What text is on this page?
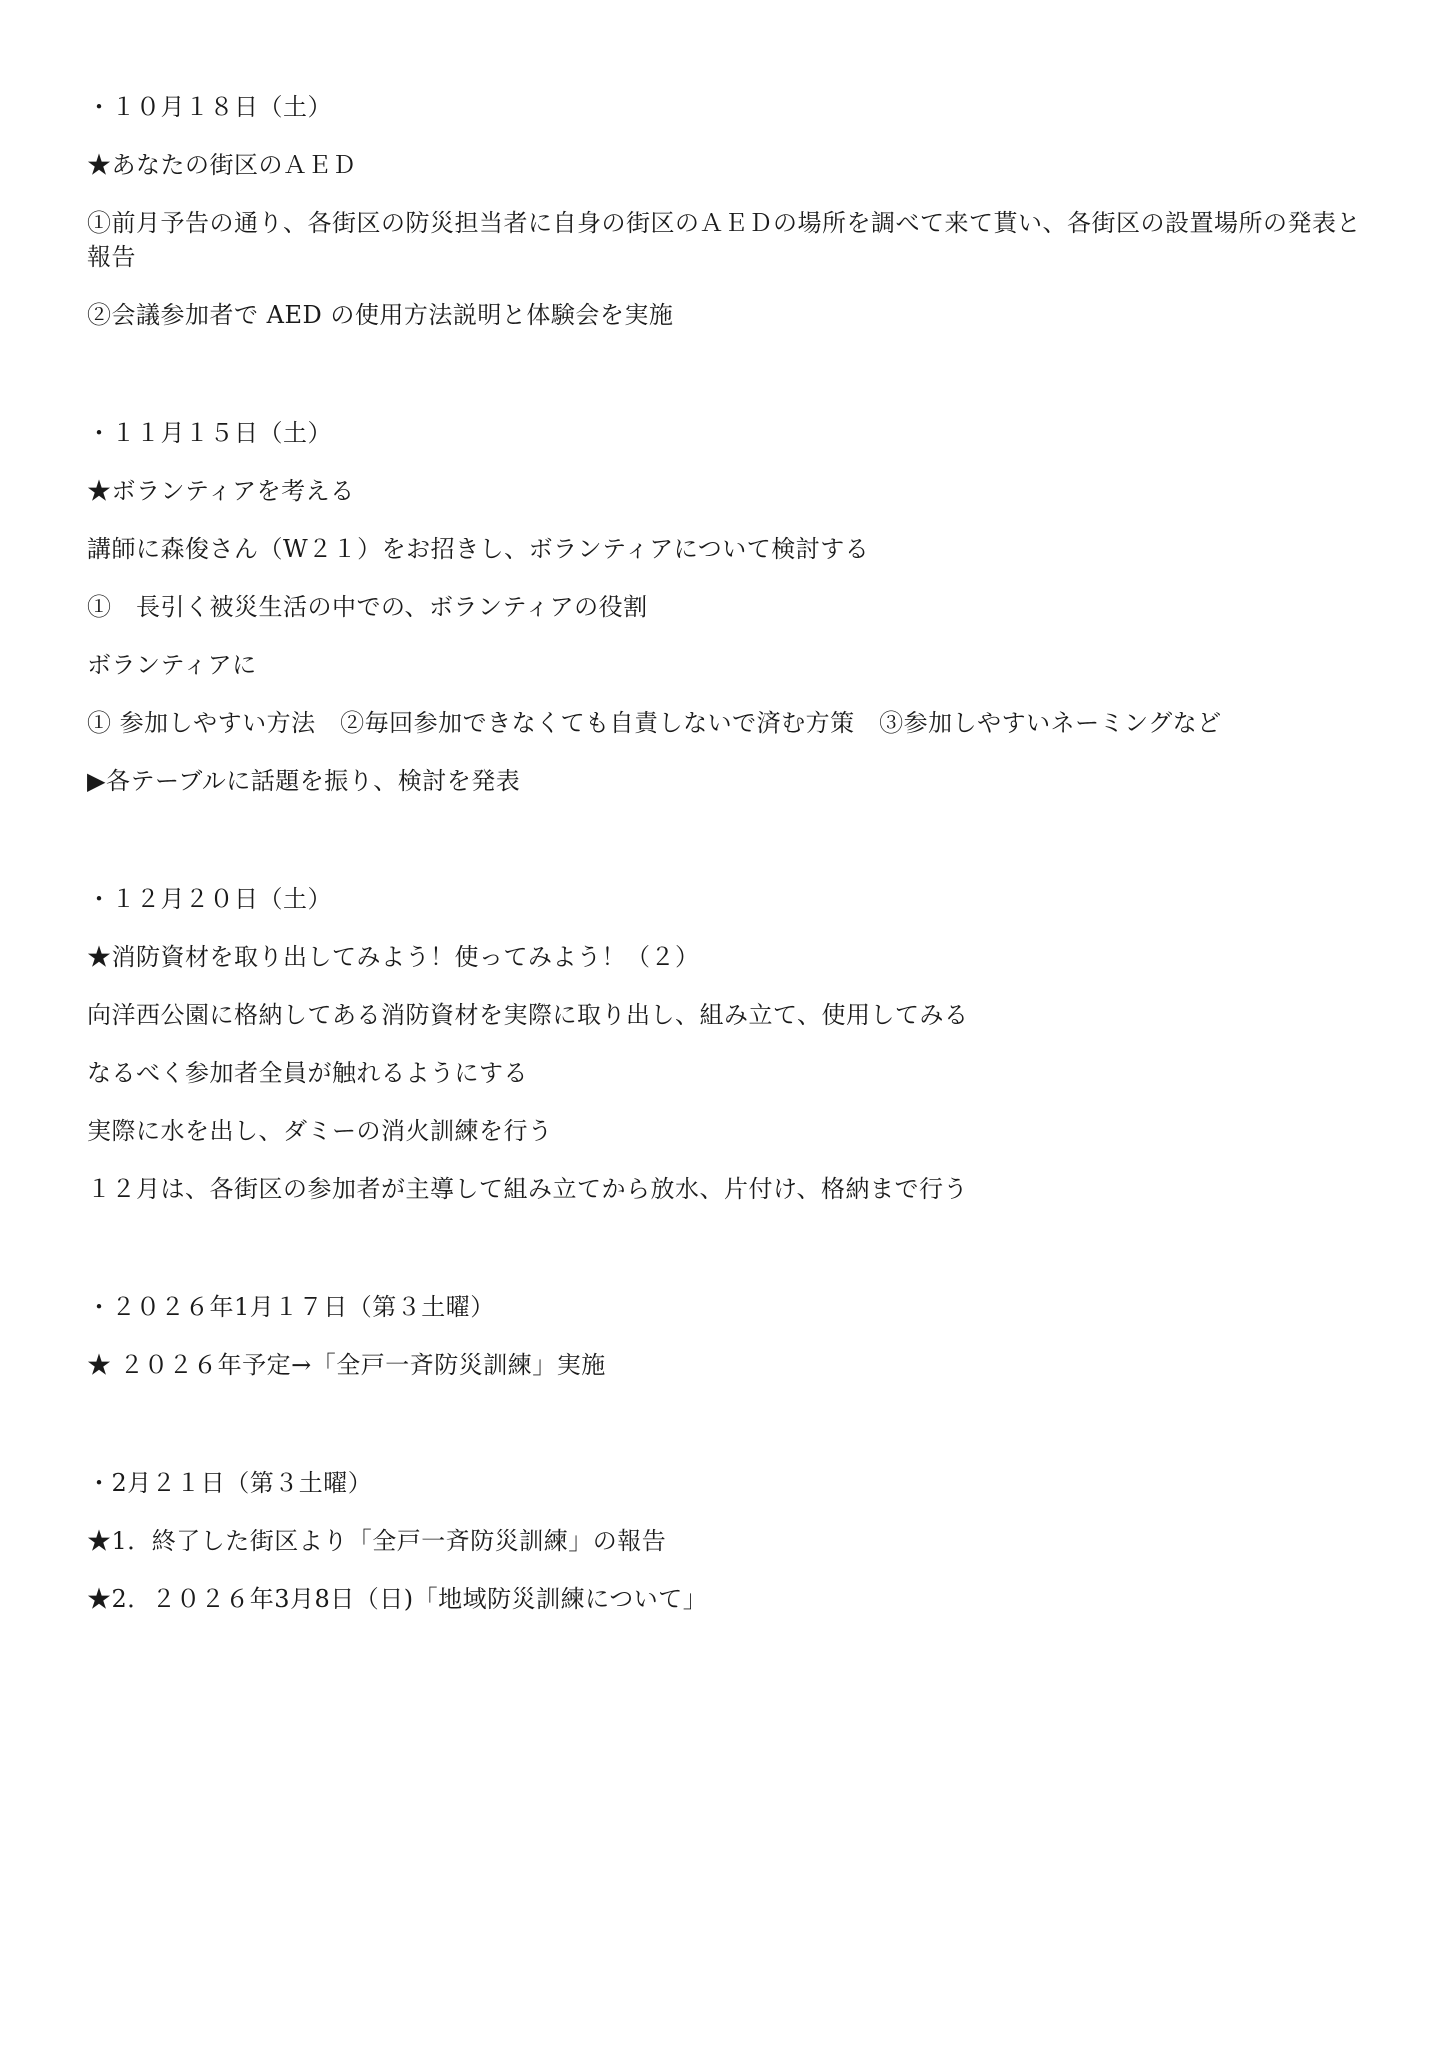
・１０月１８日（土）
★あなたの街区のＡＥＤ
①前月予告の通り、各街区の防災担当者に自身の街区のＡＥＤの場所を調べて来て貰い、各街区の設置場所の発表と報告
②会議参加者で AED の使用方法説明と体験会を実施
・１１月１５日（土）
★ボランティアを考える
講師に森俊さん（W２１）をお招きし、ボランティアについて検討する
①　長引く被災生活の中での、ボランティアの役割
ボランティアに
① 参加しやすい方法　②毎回参加できなくても自責しないで済む方策　③参加しやすいネーミングなど
▶各テーブルに話題を振り、検討を発表
・１２月２０日（土）
★消防資材を取り出してみよう！使ってみよう！（２）
向洋西公園に格納してある消防資材を実際に取り出し、組み立て、使用してみる
なるべく参加者全員が触れるようにする
実際に水を出し、ダミーの消火訓練を行う
１２月は、各街区の参加者が主導して組み立てから放水、片付け、格納まで行う
・２０２６年1月１７日（第３土曜）
★ ２０２６年予定→「全戸一斉防災訓練」実施
・2月２１日（第３土曜）
★1．終了した街区より「全戸一斉防災訓練」の報告
★2．２０２６年3月8日（日)「地域防災訓練について」
